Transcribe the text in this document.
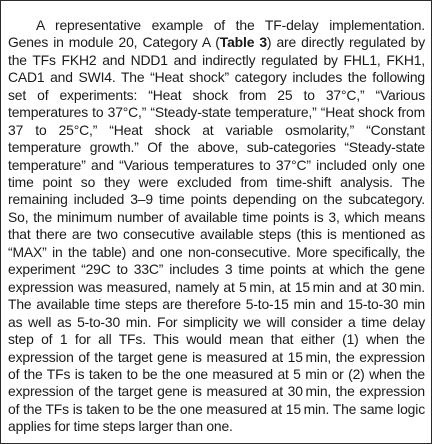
A representative example of the TF-delay implementation. Genes in module 20, Category A (Table 3) are directly regulated by the TFs FKH2 and NDD1 and indirectly regulated by FHL1, FKH1, CAD1 and SWI4. The “Heat shock” category includes the following set of experiments: “Heat shock from 25 to 37°C,” “Various temperatures to 37°C,” “Steady-state temperature,” “Heat shock from 37 to 25°C,” “Heat shock at variable osmolarity,” “Constant temperature growth.” Of the above, sub-categories “Steady-state temperature” and “Various temperatures to 37°C” included only one time point so they were excluded from time-shift analysis. The remaining included 3–9 time points depending on the subcategory. So, the minimum number of available time points is 3, which means that there are two consecutive available steps (this is mentioned as “MAX” in the table) and one non-consecutive. More specifically, the experiment “29C to 33C” includes 3 time points at which the gene expression was measured, namely at 5 min, at 15 min and at 30 min. The available time steps are therefore 5-to-15 min and 15-to-30 min as well as 5-to-30 min. For simplicity we will consider a time delay step of 1 for all TFs. This would mean that either (1) when the expression of the target gene is measured at 15 min, the expression of the TFs is taken to be the one measured at 5 min or (2) when the expression of the target gene is measured at 30 min, the expression of the TFs is taken to be the one measured at 15 min. The same logic applies for time steps larger than one.
